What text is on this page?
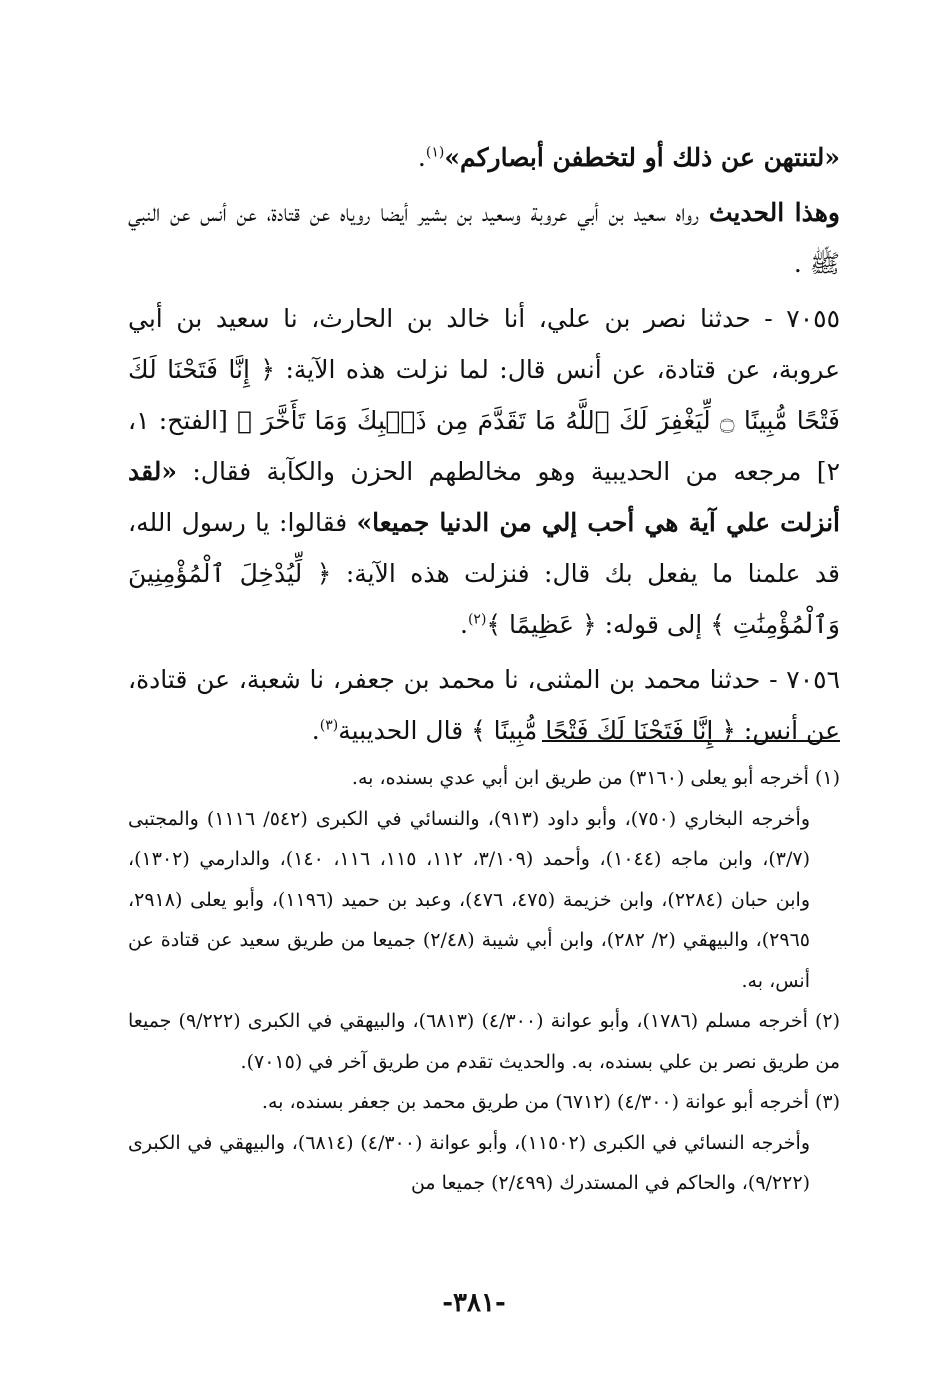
«لتنتهن عن ذلك أو لتخطفن أبصاركم»$^{(١)}$.

وهذا الحديث رواه سعيد بن أبي عروبة وسعيد بن بشير أيضا روياه عن قتادة، عن أنس عن النبي ﷺ .

٧٠٥٥ - حدثنا نصر بن علي، أنا خالد بن الحارث، نا سعيد بن أبي عروبة، عن قتادة، عن أنس قال: لما نزلت هذه الآية: ﴿ إِنَّا فَتَحْنَا لَكَ فَتْحًا مُّبِينًا ۝ لِّيَغْفِرَ لَكَ ٱللَّهُ مَا تَقَدَّمَ مِن ذَنۢبِكَ وَمَا تَأَخَّرَ ﴾ [الفتح: ١، ٢] مرجعه من الحديبية وهو مخالطهم الحزن والكآبة فقال: «لقد أنزلت علي آية هي أحب إلي من الدنيا جميعا» فقالوا: يا رسول الله، قد علمنا ما يفعل بك قال: فنزلت هذه الآية: ﴿ لِّيُدْخِلَ ٱلْمُؤْمِنِينَ وَٱلْمُؤْمِنَٰتِ ﴾ إلى قوله: ﴿ عَظِيمًا ﴾$^{(٢)}$.

٧٠٥٦ - حدثنا محمد بن المثنى، نا محمد بن جعفر، نا شعبة، عن قتادة، عن أنس: ﴿ إِنَّا فَتَحْنَا لَكَ فَتْحًا مُّبِينًا ﴾ قال الحديبية$^{(٣)}$.

(١) أخرجه أبو يعلى (٣١٦٠) من طريق ابن أبي عدي بسنده، به.

وأخرجه البخاري (٧٥٠)، وأبو داود (٩١٣)، والنسائي في الكبرى (٥٤٢/ ١١١٦) والمجتبى (٣/٧)، وابن ماجه (١٠٤٤)، وأحمد (٣/١٠٩، ١١٢، ١١٥، ١١٦، ١٤٠)، والدارمي (١٣٠٢)، وابن حبان (٢٢٨٤)، وابن خزيمة (٤٧٥، ٤٧٦)، وعبد بن حميد (١١٩٦)، وأبو يعلى (٢٩١٨، ٢٩٦٥)، والبيهقي (٢/ ٢٨٢)، وابن أبي شيبة (٢/٤٨) جميعا من طريق سعيد عن قتادة عن أنس، به.

(٢) أخرجه مسلم (١٧٨٦)، وأبو عوانة (٤/٣٠٠) (٦٨١٣)، والبيهقي في الكبرى (٩/٢٢٢) جميعا من طريق نصر بن علي بسنده، به. والحديث تقدم من طريق آخر في (٧٠١٥).

(٣) أخرجه أبو عوانة (٤/٣٠٠) (٦٧١٢) من طريق محمد بن جعفر بسنده، به.

وأخرجه النسائي في الكبرى (١١٥٠٢)، وأبو عوانة (٤/٣٠٠) (٦٨١٤)، والبيهقي في الكبرى (٩/٢٢٢)، والحاكم في المستدرك (٢/٤٩٩) جميعا من

-٣٨١-
